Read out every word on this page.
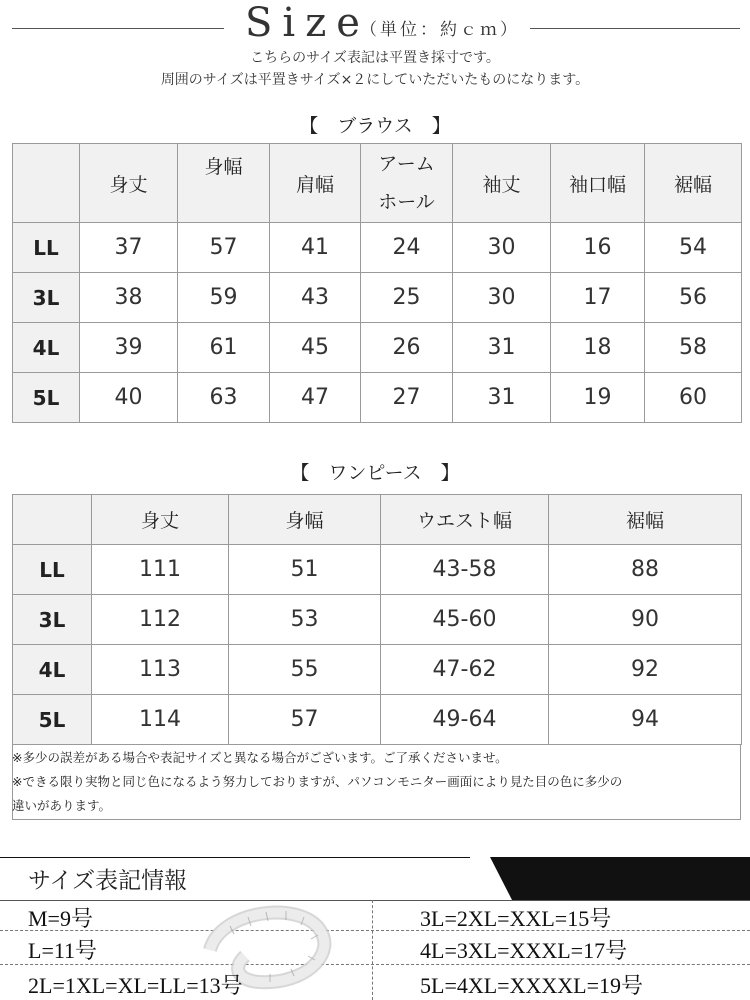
Size
（単位：約ｃｍ）
こちらのサイズ表記は平置き採寸です。
周囲のサイズは平置きサイズ×２にしていただいたものになります。
【　ブラウス　】
	身丈	身幅	肩幅	アーム
ホール	袖丈	袖口幅	裾幅
LL	37	57	41	24	30	16	54
3L	38	59	43	25	30	17	56
4L	39	61	45	26	31	18	58
5L	40	63	47	27	31	19	60
【　ワンピース　】
	身丈	身幅	ウエスト幅	裾幅
LL	111	51	43-58	88
3L	112	53	45-60	90
4L	113	55	47-62	92
5L	114	57	49-64	94
※多少の誤差がある場合や表記サイズと異なる場合がございます。ご了承くださいませ。
※できる限り実物と同じ色になるよう努力しておりますが、パソコンモニター画面により見た目の色に多少の
違いがあります。
サイズ表記情報
M=9号
L=11号
2L=1XL=XL=LL=13号
3L=2XL=XXL=15号
4L=3XL=XXXL=17号
5L=4XL=XXXXL=19号
